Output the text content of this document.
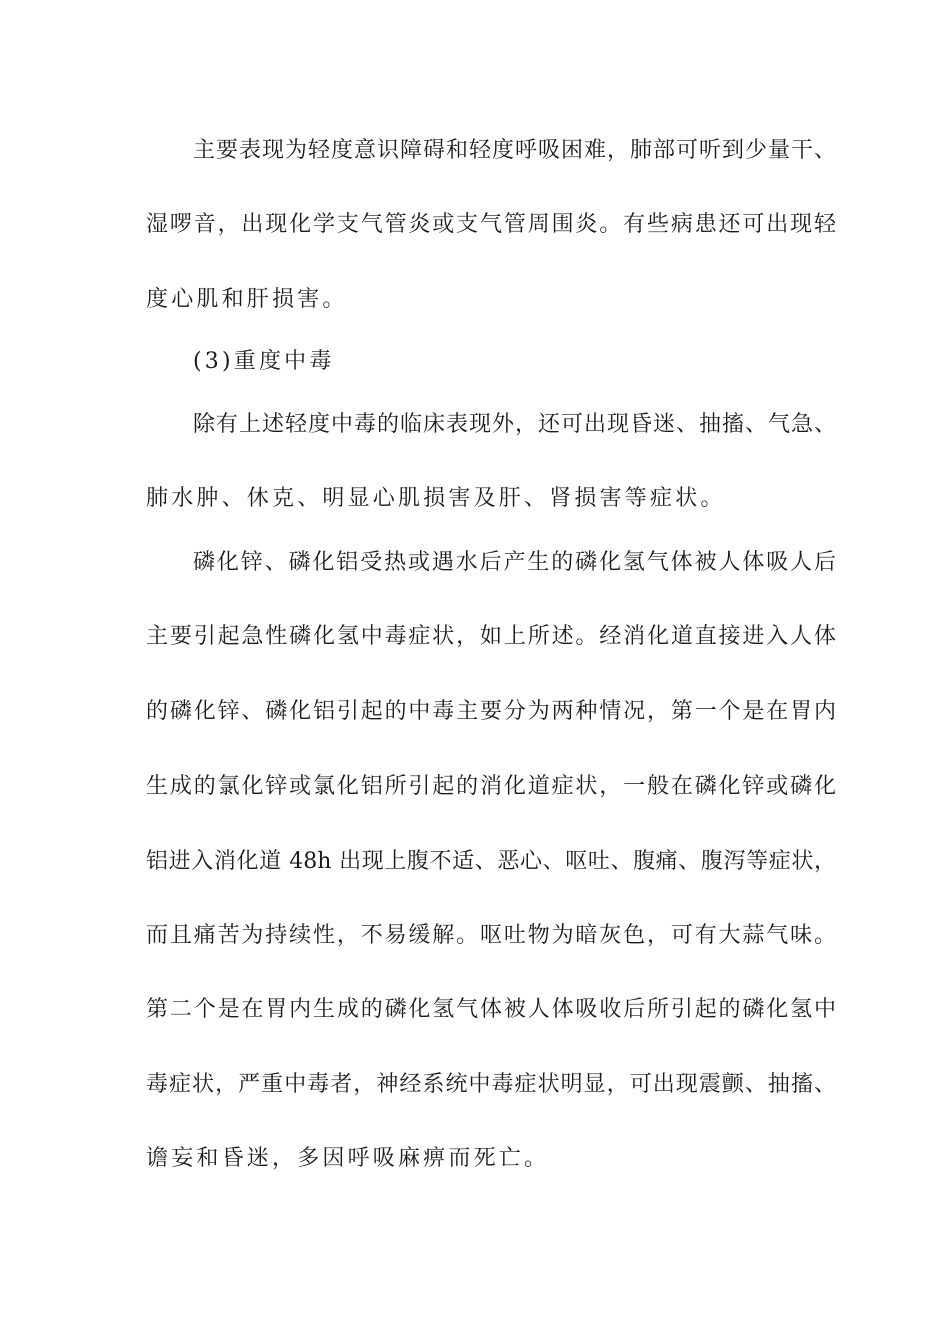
主要表现为轻度意识障碍和轻度呼吸困难，肺部可听到少量干、
湿啰音，出现化学支气管炎或支气管周围炎。有些病患还可出现轻
度心肌和肝损害。
(3)重度中毒
除有上述轻度中毒的临床表现外，还可出现昏迷、抽搐、气急、
肺水肿、休克、明显心肌损害及肝、肾损害等症状。
磷化锌、磷化铝受热或遇水后产生的磷化氢气体被人体吸人后
主要引起急性磷化氢中毒症状，如上所述。经消化道直接进入人体
的磷化锌、磷化铝引起的中毒主要分为两种情况，第一个是在胃内
生成的氯化锌或氯化铝所引起的消化道症状，一般在磷化锌或磷化
铝进入消化道 48h 出现上腹不适、恶心、呕吐、腹痛、腹泻等症状，
而且痛苦为持续性，不易缓解。呕吐物为暗灰色，可有大蒜气味。
第二个是在胃内生成的磷化氢气体被人体吸收后所引起的磷化氢中
毒症状，严重中毒者，神经系统中毒症状明显，可出现震颤、抽搐、
谵妄和昏迷，多因呼吸麻痹而死亡。
